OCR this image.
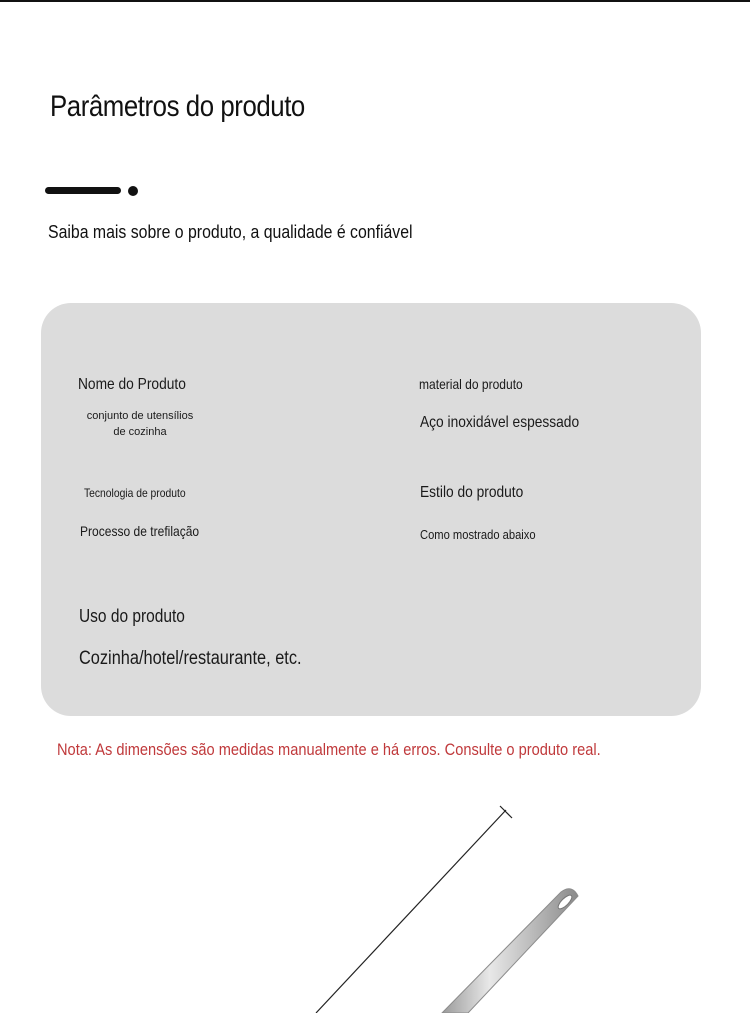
Parâmetros do produto

Saiba mais sobre o produto, a qualidade é confiável

Nome do Produto
conjunto de utensílios de cozinha
material do produto
Aço inoxidável espessado
Tecnologia de produto
Processo de trefilação
Estilo do produto
Como mostrado abaixo
Uso do produto
Cozinha/hotel/restaurante, etc.

Nota: As dimensões são medidas manualmente e há erros. Consulte o produto real.
